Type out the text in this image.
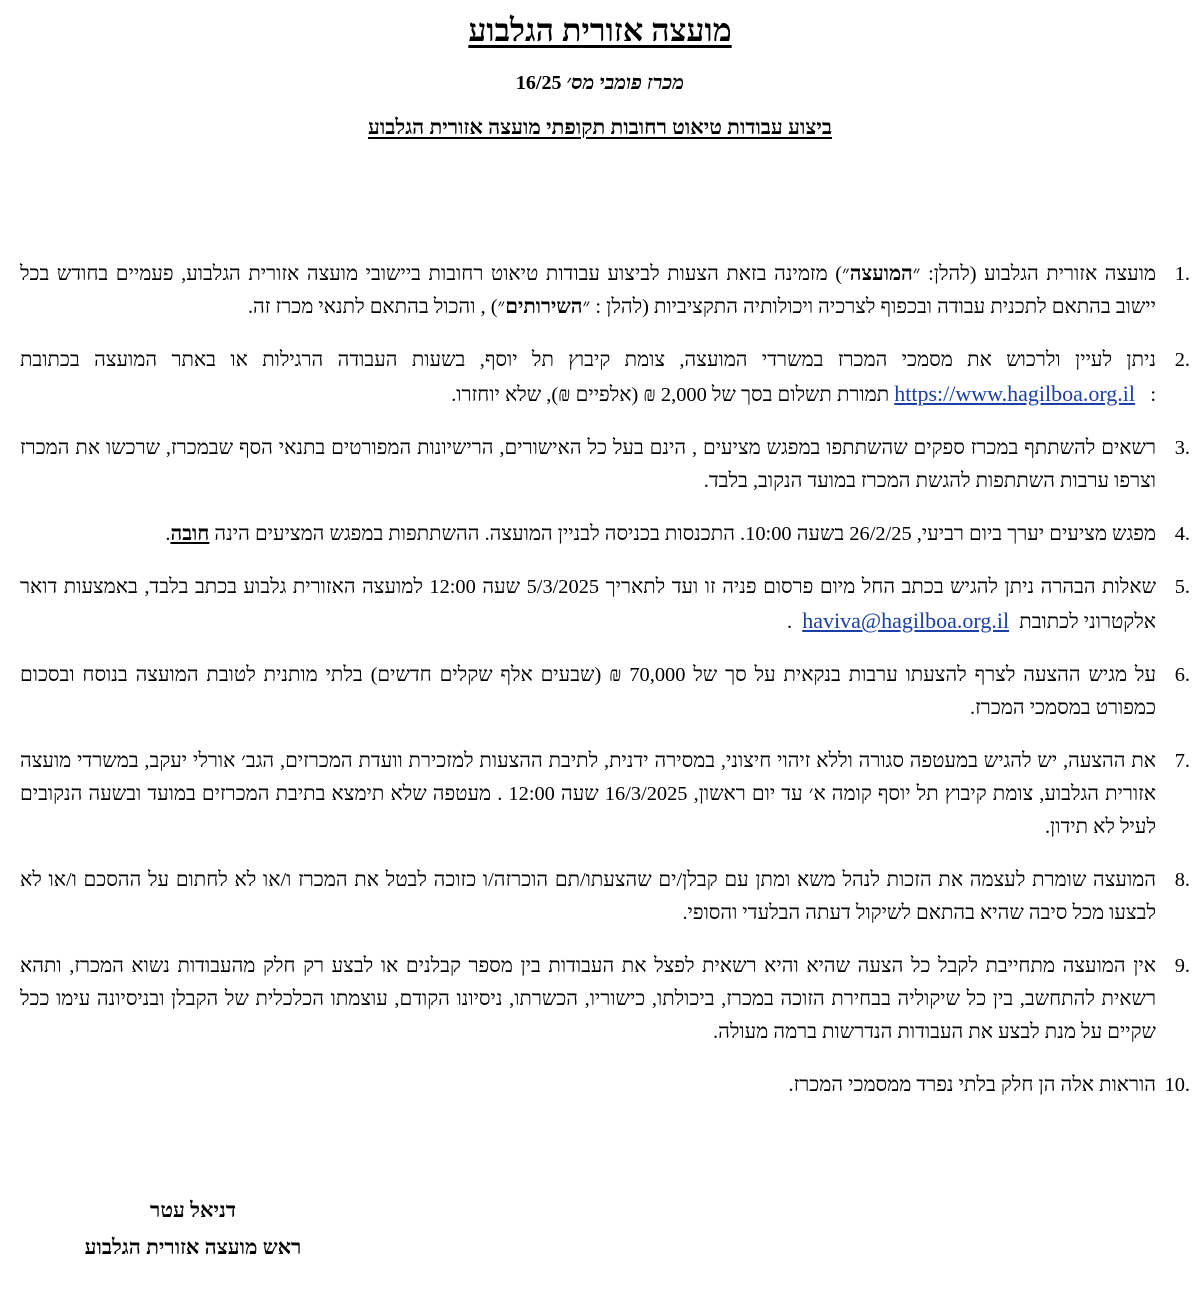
מועצה אזורית הגלבוע
מכרז פומבי מס׳ 16/25
ביצוע עבודות טיאוט רחובות תקופתי מועצה אזורית הגלבוע
.1
מועצה אזורית הגלבוע (להלן: ״המועצה״) מזמינה בזאת הצעות לביצוע עבודות טיאוט רחובות ביישובי מועצה אזורית הגלבוע, פעמיים בחודש בכל יישוב בהתאם לתכנית עבודה ובכפוף לצרכיה ויכולותיה התקציביות (להלן : ״השירותים״) , והכול בהתאם לתנאי מכרז זה.
.2
ניתן לעיין ולרכוש את מסמכי המכרז במשרדי המועצה, צומת קיבוץ תל יוסף, בשעות העבודה הרגילות או באתר המועצה בכתובת :   https://www.hagilboa.org.il תמורת תשלום בסך של 2,000 ₪ (אלפיים ₪), שלא יוחזרו.
.3
רשאים להשתתף במכרז ספקים שהשתתפו במפגש מציעים , הינם בעל כל האישורים, הרישיונות המפורטים בתנאי הסף שבמכרז, שרכשו את המכרז וצרפו ערבות השתתפות להגשת המכרז במועד הנקוב, בלבד.
.4
מפגש מציעים יערך ביום רביעי, 26/2/25 בשעה 10:00. התכנסות בכניסה לבניין המועצה. ההשתתפות במפגש המציעים הינה חובה.
.5
שאלות הבהרה ניתן להגיש בכתב החל מיום פרסום פניה זו ועד לתאריך 5/3/2025 שעה 12:00 למועצה האזורית גלבוע בכתב בלבד, באמצעות דואר אלקטרוני לכתובת  haviva@hagilboa.org.il  .
.6
על מגיש ההצעה לצרף להצעתו ערבות בנקאית על סך של 70,000 ₪ (שבעים אלף שקלים חדשים) בלתי מותנית לטובת המועצה בנוסח ובסכום כמפורט במסמכי המכרז.
.7
את ההצעה, יש להגיש במעטפה סגורה וללא זיהוי חיצוני, במסירה ידנית, לתיבת ההצעות למזכירת וועדת המכרזים, הגב׳ אורלי יעקב, במשרדי מועצה אזורית הגלבוע, צומת קיבוץ תל יוסף קומה א׳ עד יום ראשון, 16/3/2025 שעה 12:00 . מעטפה שלא תימצא בתיבת המכרזים במועד ובשעה הנקובים לעיל לא תידון.
.8
המועצה שומרת לעצמה את הזכות לנהל משא ומתן עם קבלן/ים שהצעתו/תם הוכרזה/ו כזוכה לבטל את המכרז ו/או לא לחתום על ההסכם ו/או לא לבצעו מכל סיבה שהיא בהתאם לשיקול דעתה הבלעדי והסופי.
.9
אין המועצה מתחייבת לקבל כל הצעה שהיא והיא רשאית לפצל את העבודות בין מספר קבלנים או לבצע רק חלק מהעבודות נשוא המכרז, ותהא רשאית להתחשב, בין כל שיקוליה בבחירת הזוכה במכרז, ביכולתו, כישוריו, הכשרתו, ניסיונו הקודם, עוצמתו הכלכלית של הקבלן ובניסיונה עימו ככל שקיים על מנת לבצע את העבודות הנדרשות ברמה מעולה.
.10
הוראות אלה הן חלק בלתי נפרד ממסמכי המכרז.
דניאל עטר
ראש מועצה אזורית הגלבוע
